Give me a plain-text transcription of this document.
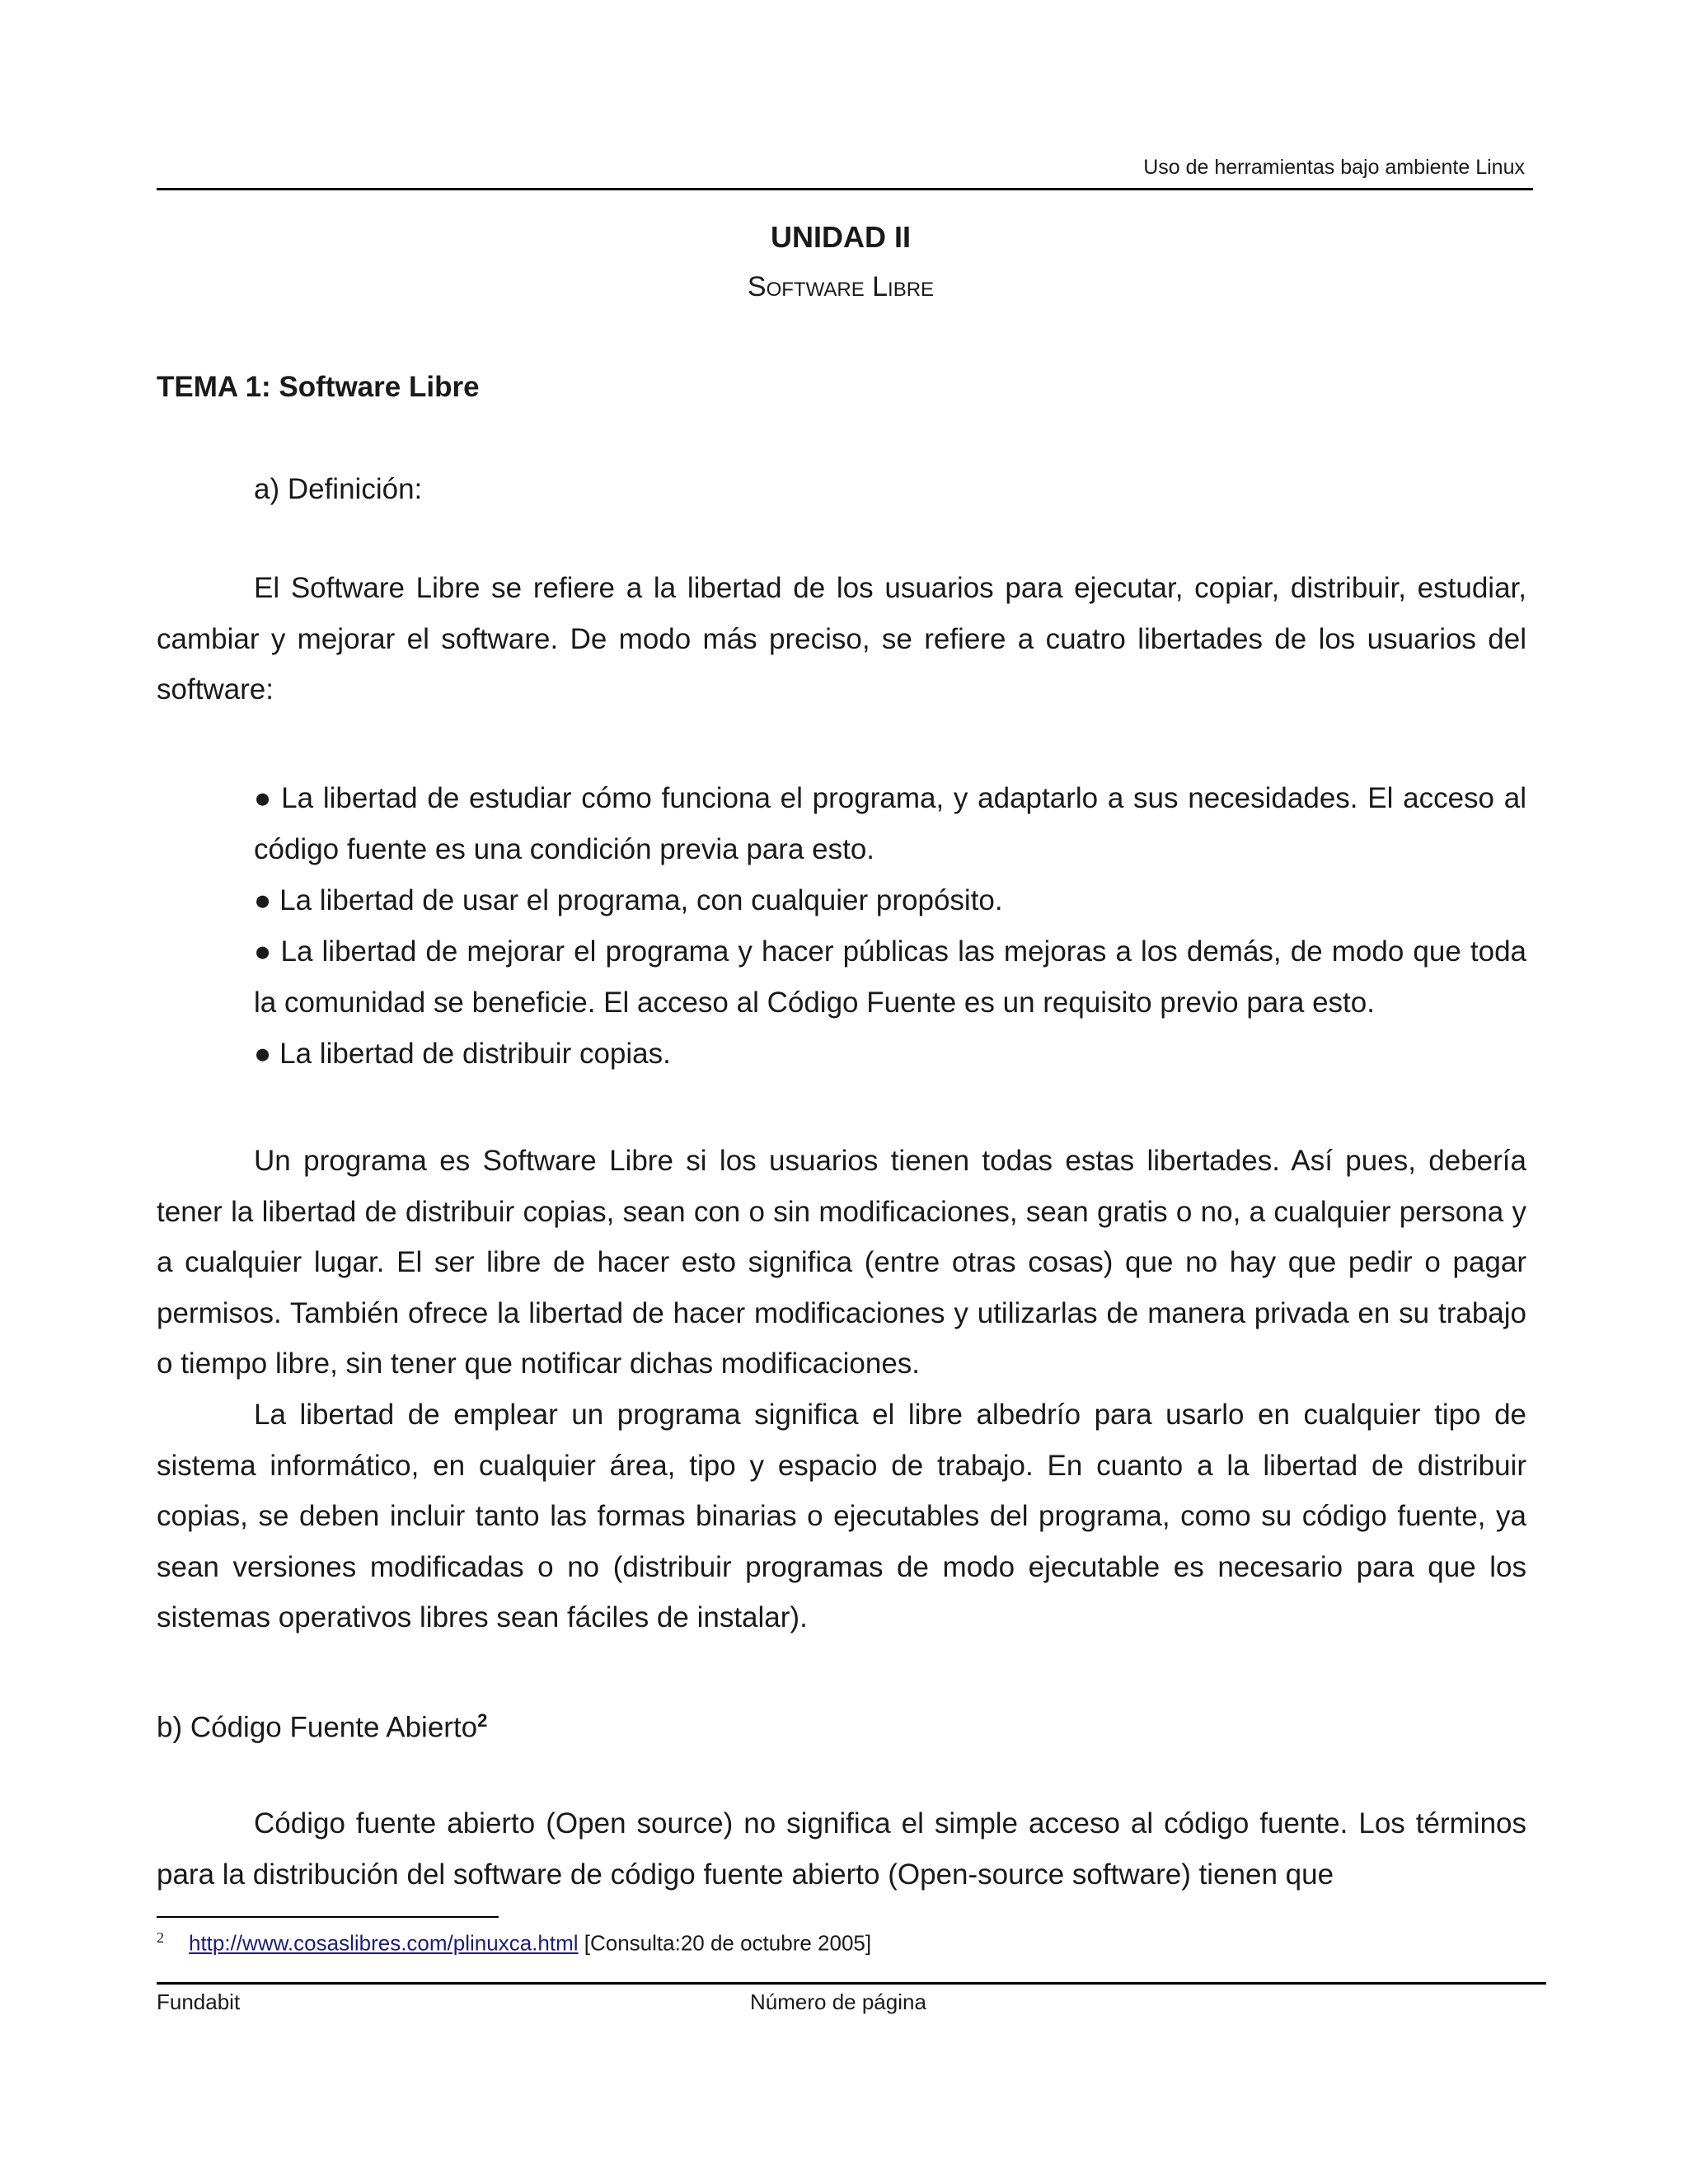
Uso de herramientas bajo ambiente Linux
UNIDAD II
Software Libre
TEMA 1: Software Libre
a) Definición:

El Software Libre se refiere a la libertad de los usuarios para ejecutar, copiar, distribuir, estudiar, cambiar y mejorar el software. De modo más preciso, se refiere a cuatro libertades de los usuarios del software:

● La libertad de estudiar cómo funciona el programa, y adaptarlo a sus necesidades. El acceso al código fuente es una condición previa para esto.
● La libertad de usar el programa, con cualquier propósito.
● La libertad de mejorar el programa y hacer públicas las mejoras a los demás, de modo que toda la comunidad se beneficie. El acceso al Código Fuente es un requisito previo para esto.
● La libertad de distribuir copias.

Un programa es Software Libre si los usuarios tienen todas estas libertades. Así pues, debería tener la libertad de distribuir copias, sean con o sin modificaciones, sean gratis o no, a cualquier persona y a cualquier lugar. El ser libre de hacer esto significa (entre otras cosas) que no hay que pedir o pagar permisos. También ofrece la libertad de hacer modificaciones y utilizarlas de manera privada en su trabajo o tiempo libre, sin tener que notificar dichas modificaciones.

La libertad de emplear un programa significa el libre albedrío para usarlo en cualquier tipo de sistema informático, en cualquier área, tipo y espacio de trabajo. En cuanto a la libertad de distribuir copias, se deben incluir tanto las formas binarias o ejecutables del programa, como su código fuente, ya sean versiones modificadas o no (distribuir programas de modo ejecutable es necesario para que los sistemas operativos libres sean fáciles de instalar).

b) Código Fuente Abierto$^2$

Código fuente abierto (Open source) no significa el simple acceso al código fuente. Los términos para la distribución del software de código fuente abierto (Open-source software) tienen que

$^2$ http://www.cosaslibres.com/plinuxca.html [Consulta:20 de octubre 2005]
Fundabit	Número de página
